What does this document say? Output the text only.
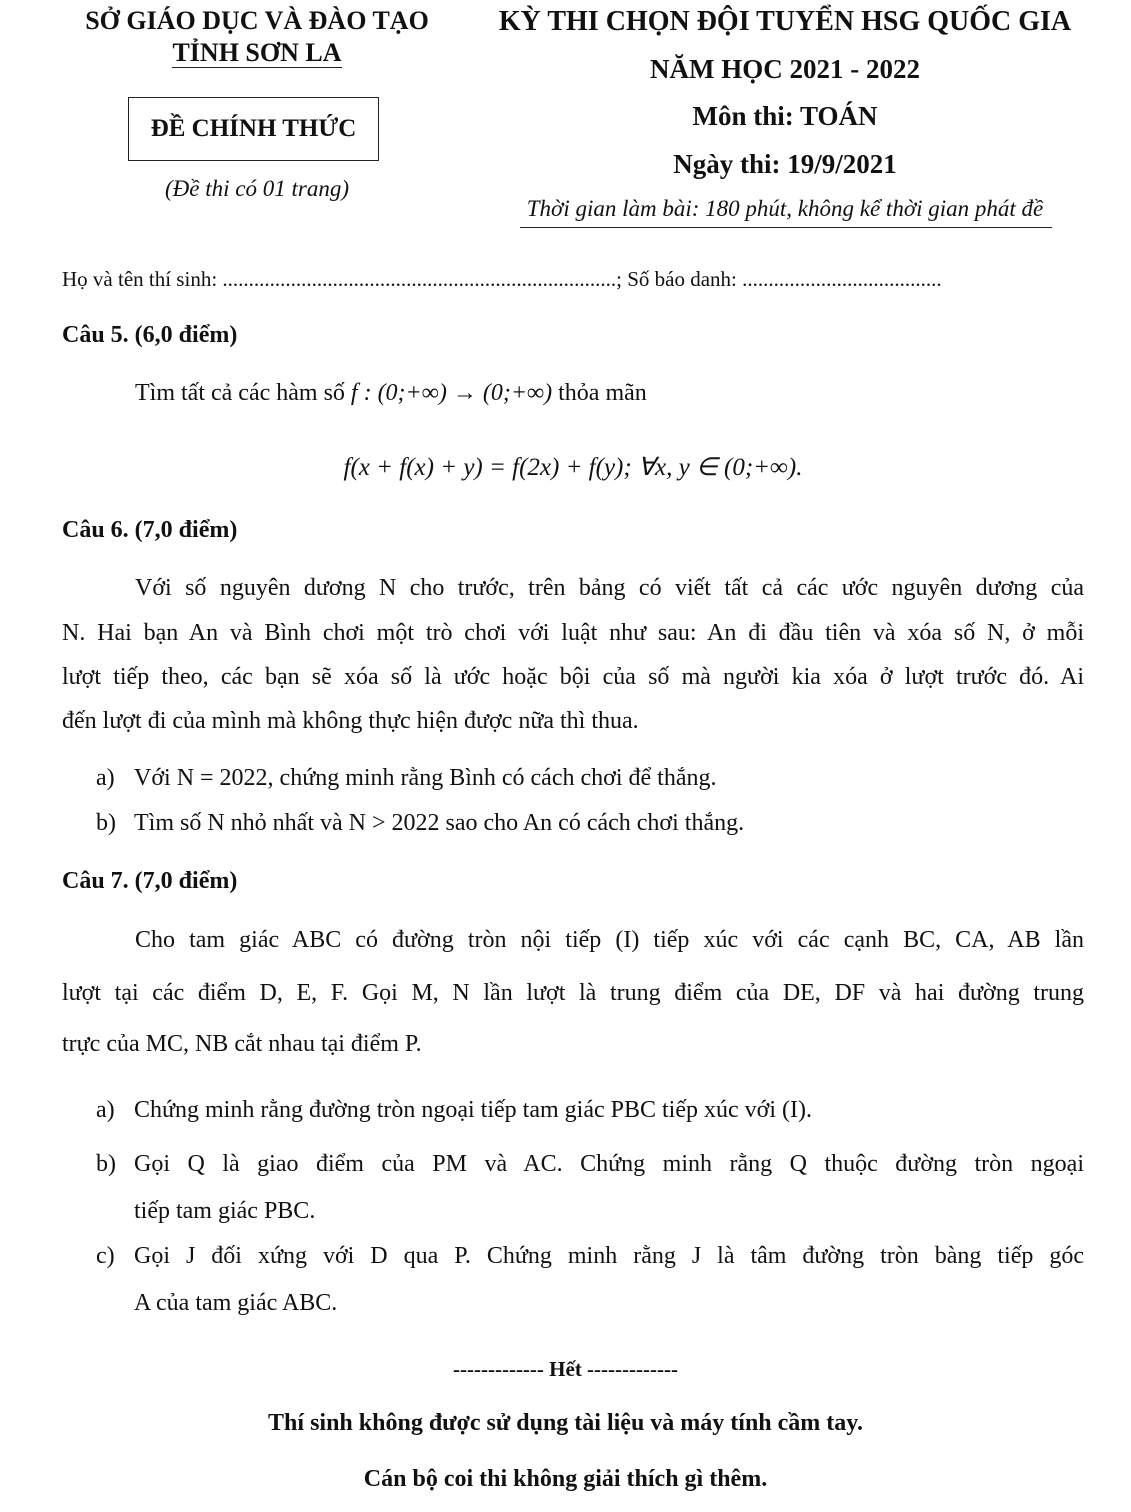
SỞ GIÁO DỤC VÀ ĐÀO TẠO
TỈNH SƠN LA
ĐỀ CHÍNH THỨC
(Đề thi có 01 trang)
KỲ THI CHỌN ĐỘI TUYỂN HSG QUỐC GIA
NĂM HỌC 2021 - 2022
Môn thi: TOÁN
Ngày thi: 19/9/2021
Thời gian làm bài: 180 phút, không kể thời gian phát đề
Họ và tên thí sinh: ...........................................................................; Số báo danh: ......................................
Câu 5. (6,0 điểm)
Tìm tất cả các hàm số f : (0;+∞) → (0;+∞) thỏa mãn
f(x + f(x) + y) = f(2x) + f(y); ∀x, y ∈ (0;+∞).
Câu 6. (7,0 điểm)
Với số nguyên dương N cho trước, trên bảng có viết tất cả các ước nguyên dương của
N. Hai bạn An và Bình chơi một trò chơi với luật như sau: An đi đầu tiên và xóa số N, ở mỗi
lượt tiếp theo, các bạn sẽ xóa số là ước hoặc bội của số mà người kia xóa ở lượt trước đó. Ai
đến lượt đi của mình mà không thực hiện được nữa thì thua.
a) Với N = 2022, chứng minh rằng Bình có cách chơi để thắng.
b) Tìm số N nhỏ nhất và N > 2022 sao cho An có cách chơi thắng.
Câu 7. (7,0 điểm)
Cho tam giác ABC có đường tròn nội tiếp (I) tiếp xúc với các cạnh BC, CA, AB lần
lượt tại các điểm D, E, F. Gọi M, N lần lượt là trung điểm của DE, DF và hai đường trung
trực của MC, NB cắt nhau tại điểm P.
a) Chứng minh rằng đường tròn ngoại tiếp tam giác PBC tiếp xúc với (I).
b) Gọi Q là giao điểm của PM và AC. Chứng minh rằng Q thuộc đường tròn ngoại
tiếp tam giác PBC.
c) Gọi J đối xứng với D qua P. Chứng minh rằng J là tâm đường tròn bàng tiếp góc
A của tam giác ABC.
------------- Hết -------------
Thí sinh không được sử dụng tài liệu và máy tính cầm tay.
Cán bộ coi thi không giải thích gì thêm.
